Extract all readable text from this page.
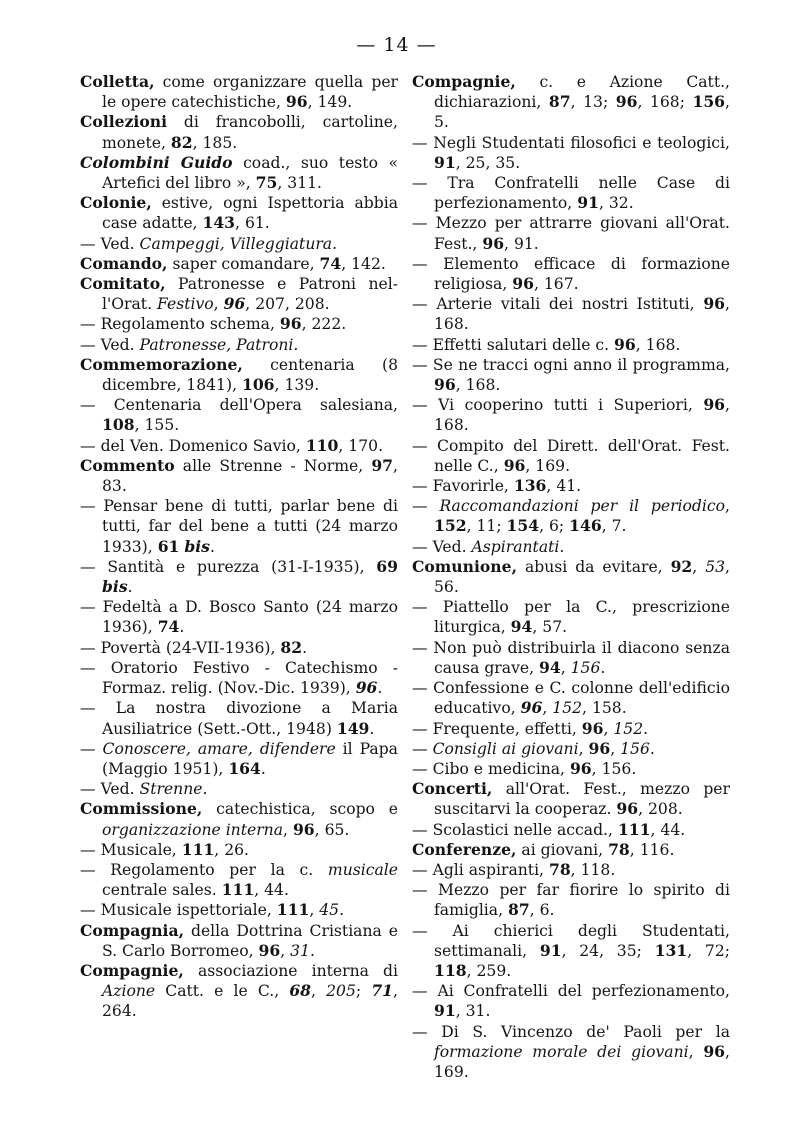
— 14 —

Colletta, come organizzare quella per le opere catechistiche, 96, 149.

Collezioni di francobolli, cartoline, monete, 82, 185.

Colombini Guido coad., suo testo « Artefici del libro », 75, 311.

Colonie, estive, ogni Ispettoria abbia case adatte, 143, 61.

— Ved. Campeggi, Villeggiatura.

Comando, saper comandare, 74, 142.

Comitato, Patronesse e Patroni nel-l'Orat. Festivo, 96, 207, 208.

— Regolamento schema, 96, 222.

— Ved. Patronesse, Patroni.

Commemorazione, centenaria (8 dicembre, 1841), 106, 139.

— Centenaria dell'Opera salesiana, 108, 155.

— del Ven. Domenico Savio, 110, 170.

Commento alle Strenne - Norme, 97, 83.

— Pensar bene di tutti, parlar bene di tutti, far del bene a tutti (24 marzo 1933), 61 bis.

— Santità e purezza (31-I-1935), 69 bis.

— Fedeltà a D. Bosco Santo (24 marzo 1936), 74.

— Povertà (24-VII-1936), 82.

— Oratorio Festivo - Catechismo - Formaz. relig. (Nov.-Dic. 1939), 96.

— La nostra divozione a Maria Ausiliatrice (Sett.-Ott., 1948) 149.

— Conoscere, amare, difendere il Papa (Maggio 1951), 164.

— Ved. Strenne.

Commissione, catechistica, scopo e organizzazione interna, 96, 65.

— Musicale, 111, 26.

— Regolamento per la c. musicale centrale sales. 111, 44.

— Musicale ispettoriale, 111, 45.

Compagnia, della Dottrina Cristiana e S. Carlo Borromeo, 96, 31.

Compagnie, associazione interna di Azione Catt. e le C., 68, 205; 71, 264.

Compagnie, c. e Azione Catt., dichiarazioni, 87, 13; 96, 168; 156, 5.

— Negli Studentati filosofici e teologici, 91, 25, 35.

— Tra Confratelli nelle Case di perfezionamento, 91, 32.

— Mezzo per attrarre giovani all'Orat. Fest., 96, 91.

— Elemento efficace di formazione religiosa, 96, 167.

— Arterie vitali dei nostri Istituti, 96, 168.

— Effetti salutari delle c. 96, 168.

— Se ne tracci ogni anno il programma, 96, 168.

— Vi cooperino tutti i Superiori, 96, 168.

— Compito del Dirett. dell'Orat. Fest. nelle C., 96, 169.

— Favorirle, 136, 41.

— Raccomandazioni per il periodico, 152, 11; 154, 6; 146, 7.

— Ved. Aspirantati.

Comunione, abusi da evitare, 92, 53, 56.

— Piattello per la C., prescrizione liturgica, 94, 57.

— Non può distribuirla il diacono senza causa grave, 94, 156.

— Confessione e C. colonne dell'edificio educativo, 96, 152, 158.

— Frequente, effetti, 96, 152.

— Consigli ai giovani, 96, 156.

— Cibo e medicina, 96, 156.

Concerti, all'Orat. Fest., mezzo per suscitarvi la cooperaz. 96, 208.

— Scolastici nelle accad., 111, 44.

Conferenze, ai giovani, 78, 116.

— Agli aspiranti, 78, 118.

— Mezzo per far fiorire lo spirito di famiglia, 87, 6.

— Ai chierici degli Studentati, settimanali, 91, 24, 35; 131, 72; 118, 259.

— Ai Confratelli del perfezionamento, 91, 31.

— Di S. Vincenzo de' Paoli per la formazione morale dei giovani, 96, 169.
